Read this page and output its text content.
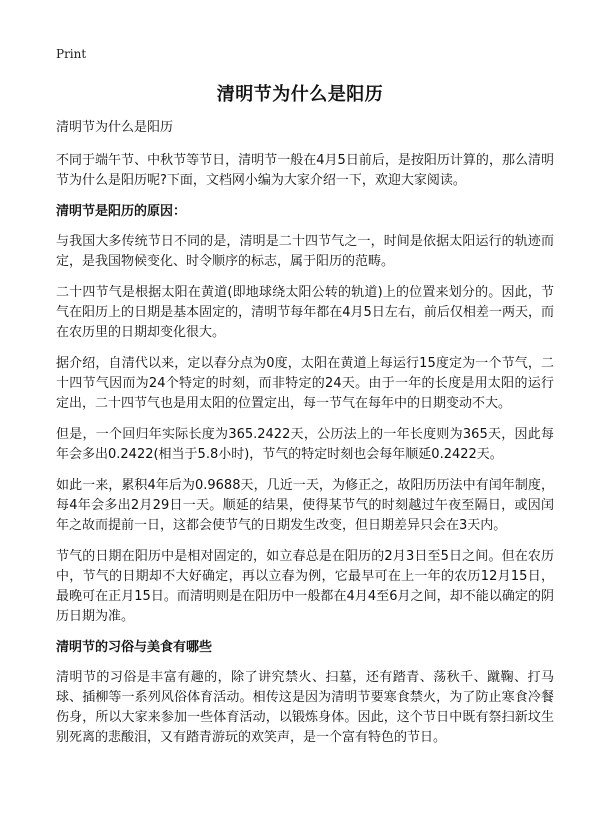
Print
清明节为什么是阳历

清明节为什么是阳历

不同于端午节、中秋节等节日，清明节一般在4月5日前后，是按阳历计算的，那么清明节为什么是阳历呢?下面，文档网小编为大家介绍一下，欢迎大家阅读。

清明节是阳历的原因：

与我国大多传统节日不同的是，清明是二十四节气之一，时间是依据太阳运行的轨迹而定，是我国物候变化、时令顺序的标志，属于阳历的范畴。

二十四节气是根据太阳在黄道(即地球绕太阳公转的轨道)上的位置来划分的。因此，节气在阳历上的日期是基本固定的，清明节每年都在4月5日左右，前后仅相差一两天，而在农历里的日期却变化很大。

据介绍，自清代以来，定以春分点为0度，太阳在黄道上每运行15度定为一个节气，二十四节气因而为24个特定的时刻，而非特定的24天。由于一年的长度是用太阳的运行定出，二十四节气也是用太阳的位置定出，每一节气在每年中的日期变动不大。

但是，一个回归年实际长度为365.2422天，公历法上的一年长度则为365天，因此每年会多出0.2422(相当于5.8小时)，节气的特定时刻也会每年顺延0.2422天。

如此一来，累积4年后为0.9688天，几近一天，为修正之，故阳历历法中有闰年制度，每4年会多出2月29日一天。顺延的结果，使得某节气的时刻越过午夜至隔日，或因闰年之故而提前一日，这都会使节气的日期发生改变，但日期差异只会在3天内。

节气的日期在阳历中是相对固定的，如立春总是在阳历的2月3日至5日之间。但在农历中，节气的日期却不大好确定，再以立春为例，它最早可在上一年的农历12月15日，最晚可在正月15日。而清明则是在阳历中一般都在4月4至6月之间，却不能以确定的阴历日期为准。

清明节的习俗与美食有哪些

清明节的习俗是丰富有趣的，除了讲究禁火、扫墓，还有踏青、荡秋千、蹴鞠、打马球、插柳等一系列风俗体育活动。相传这是因为清明节要寒食禁火，为了防止寒食冷餐伤身，所以大家来参加一些体育活动，以锻炼身体。因此，这个节日中既有祭扫新坟生别死离的悲酸泪，又有踏青游玩的欢笑声，是一个富有特色的节日。
